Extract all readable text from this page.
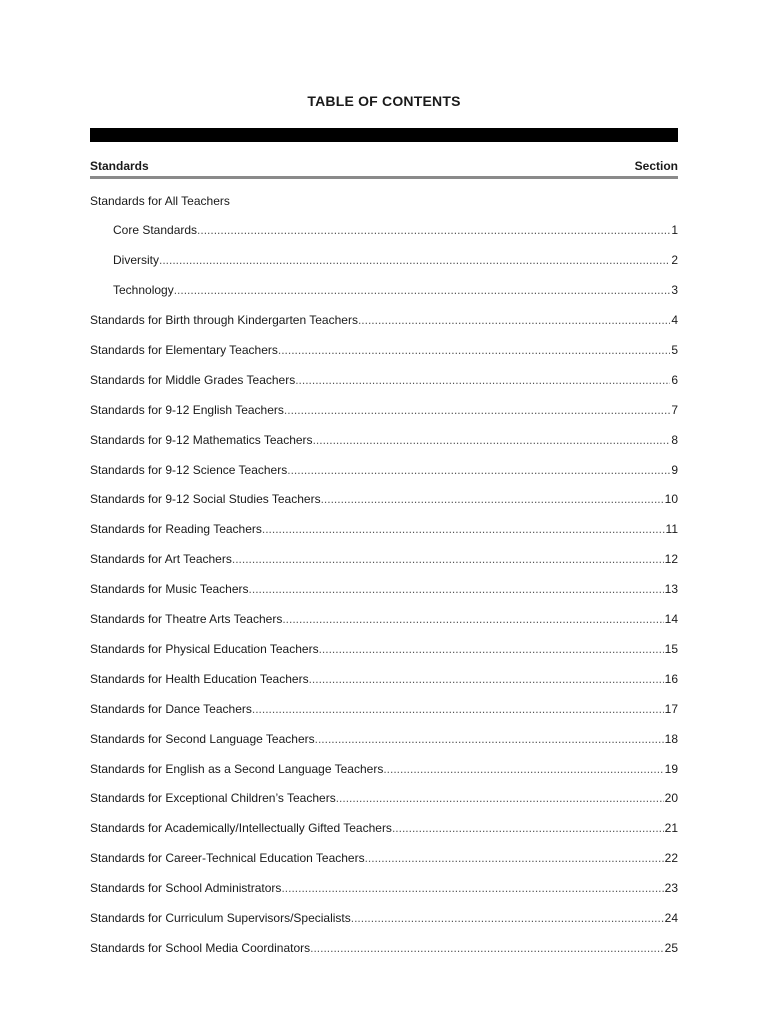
TABLE OF CONTENTS
Standards	Section
Standards for All Teachers
Core Standards .....	1
Diversity .....	2
Technology .....	3
Standards for Birth through Kindergarten Teachers .....	4
Standards for Elementary Teachers .....	5
Standards for Middle Grades Teachers .....	6
Standards for 9-12 English Teachers .....	7
Standards for 9-12 Mathematics Teachers .....	8
Standards for 9-12 Science Teachers .....	9
Standards for 9-12 Social Studies Teachers .....	10
Standards for Reading Teachers .....	11
Standards for Art Teachers .....	12
Standards for Music Teachers .....	13
Standards for Theatre Arts Teachers .....	14
Standards for Physical Education Teachers .....	15
Standards for Health Education Teachers .....	16
Standards for Dance Teachers .....	17
Standards for Second Language Teachers .....	18
Standards for English as a Second Language Teachers .....	19
Standards for Exceptional Children’s Teachers .....	20
Standards for Academically/Intellectually Gifted Teachers .....	21
Standards for Career-Technical Education Teachers .....	22
Standards for School Administrators .....	23
Standards for Curriculum Supervisors/Specialists .....	24
Standards for School Media Coordinators .....	25
